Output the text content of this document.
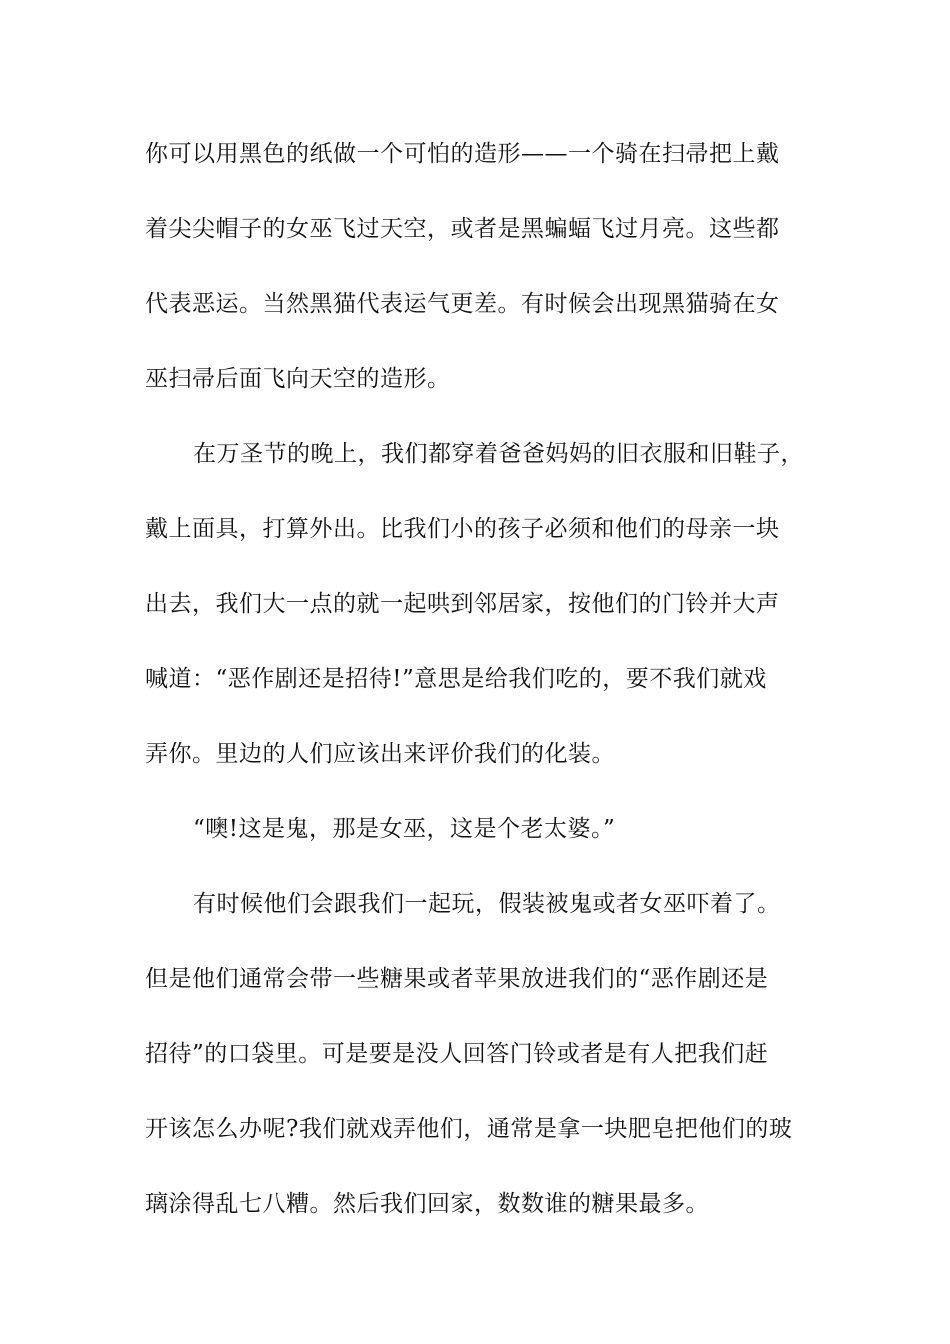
你可以用黑色的纸做一个可怕的造形——一个骑在扫帚把上戴
着尖尖帽子的女巫飞过天空，或者是黑蝙蝠飞过月亮。这些都
代表恶运。当然黑猫代表运气更差。有时候会出现黑猫骑在女
巫扫帚后面飞向天空的造形。
在万圣节的晚上，我们都穿着爸爸妈妈的旧衣服和旧鞋子，
戴上面具，打算外出。比我们小的孩子必须和他们的母亲一块
出去，我们大一点的就一起哄到邻居家，按他们的门铃并大声
喊道：“恶作剧还是招待!”意思是给我们吃的，要不我们就戏
弄你。里边的人们应该出来评价我们的化装。
“噢!这是鬼，那是女巫，这是个老太婆。”
有时候他们会跟我们一起玩，假装被鬼或者女巫吓着了。
但是他们通常会带一些糖果或者苹果放进我们的“恶作剧还是
招待”的口袋里。可是要是没人回答门铃或者是有人把我们赶
开该怎么办呢?我们就戏弄他们，通常是拿一块肥皂把他们的玻
璃涂得乱七八糟。然后我们回家，数数谁的糖果最多。
